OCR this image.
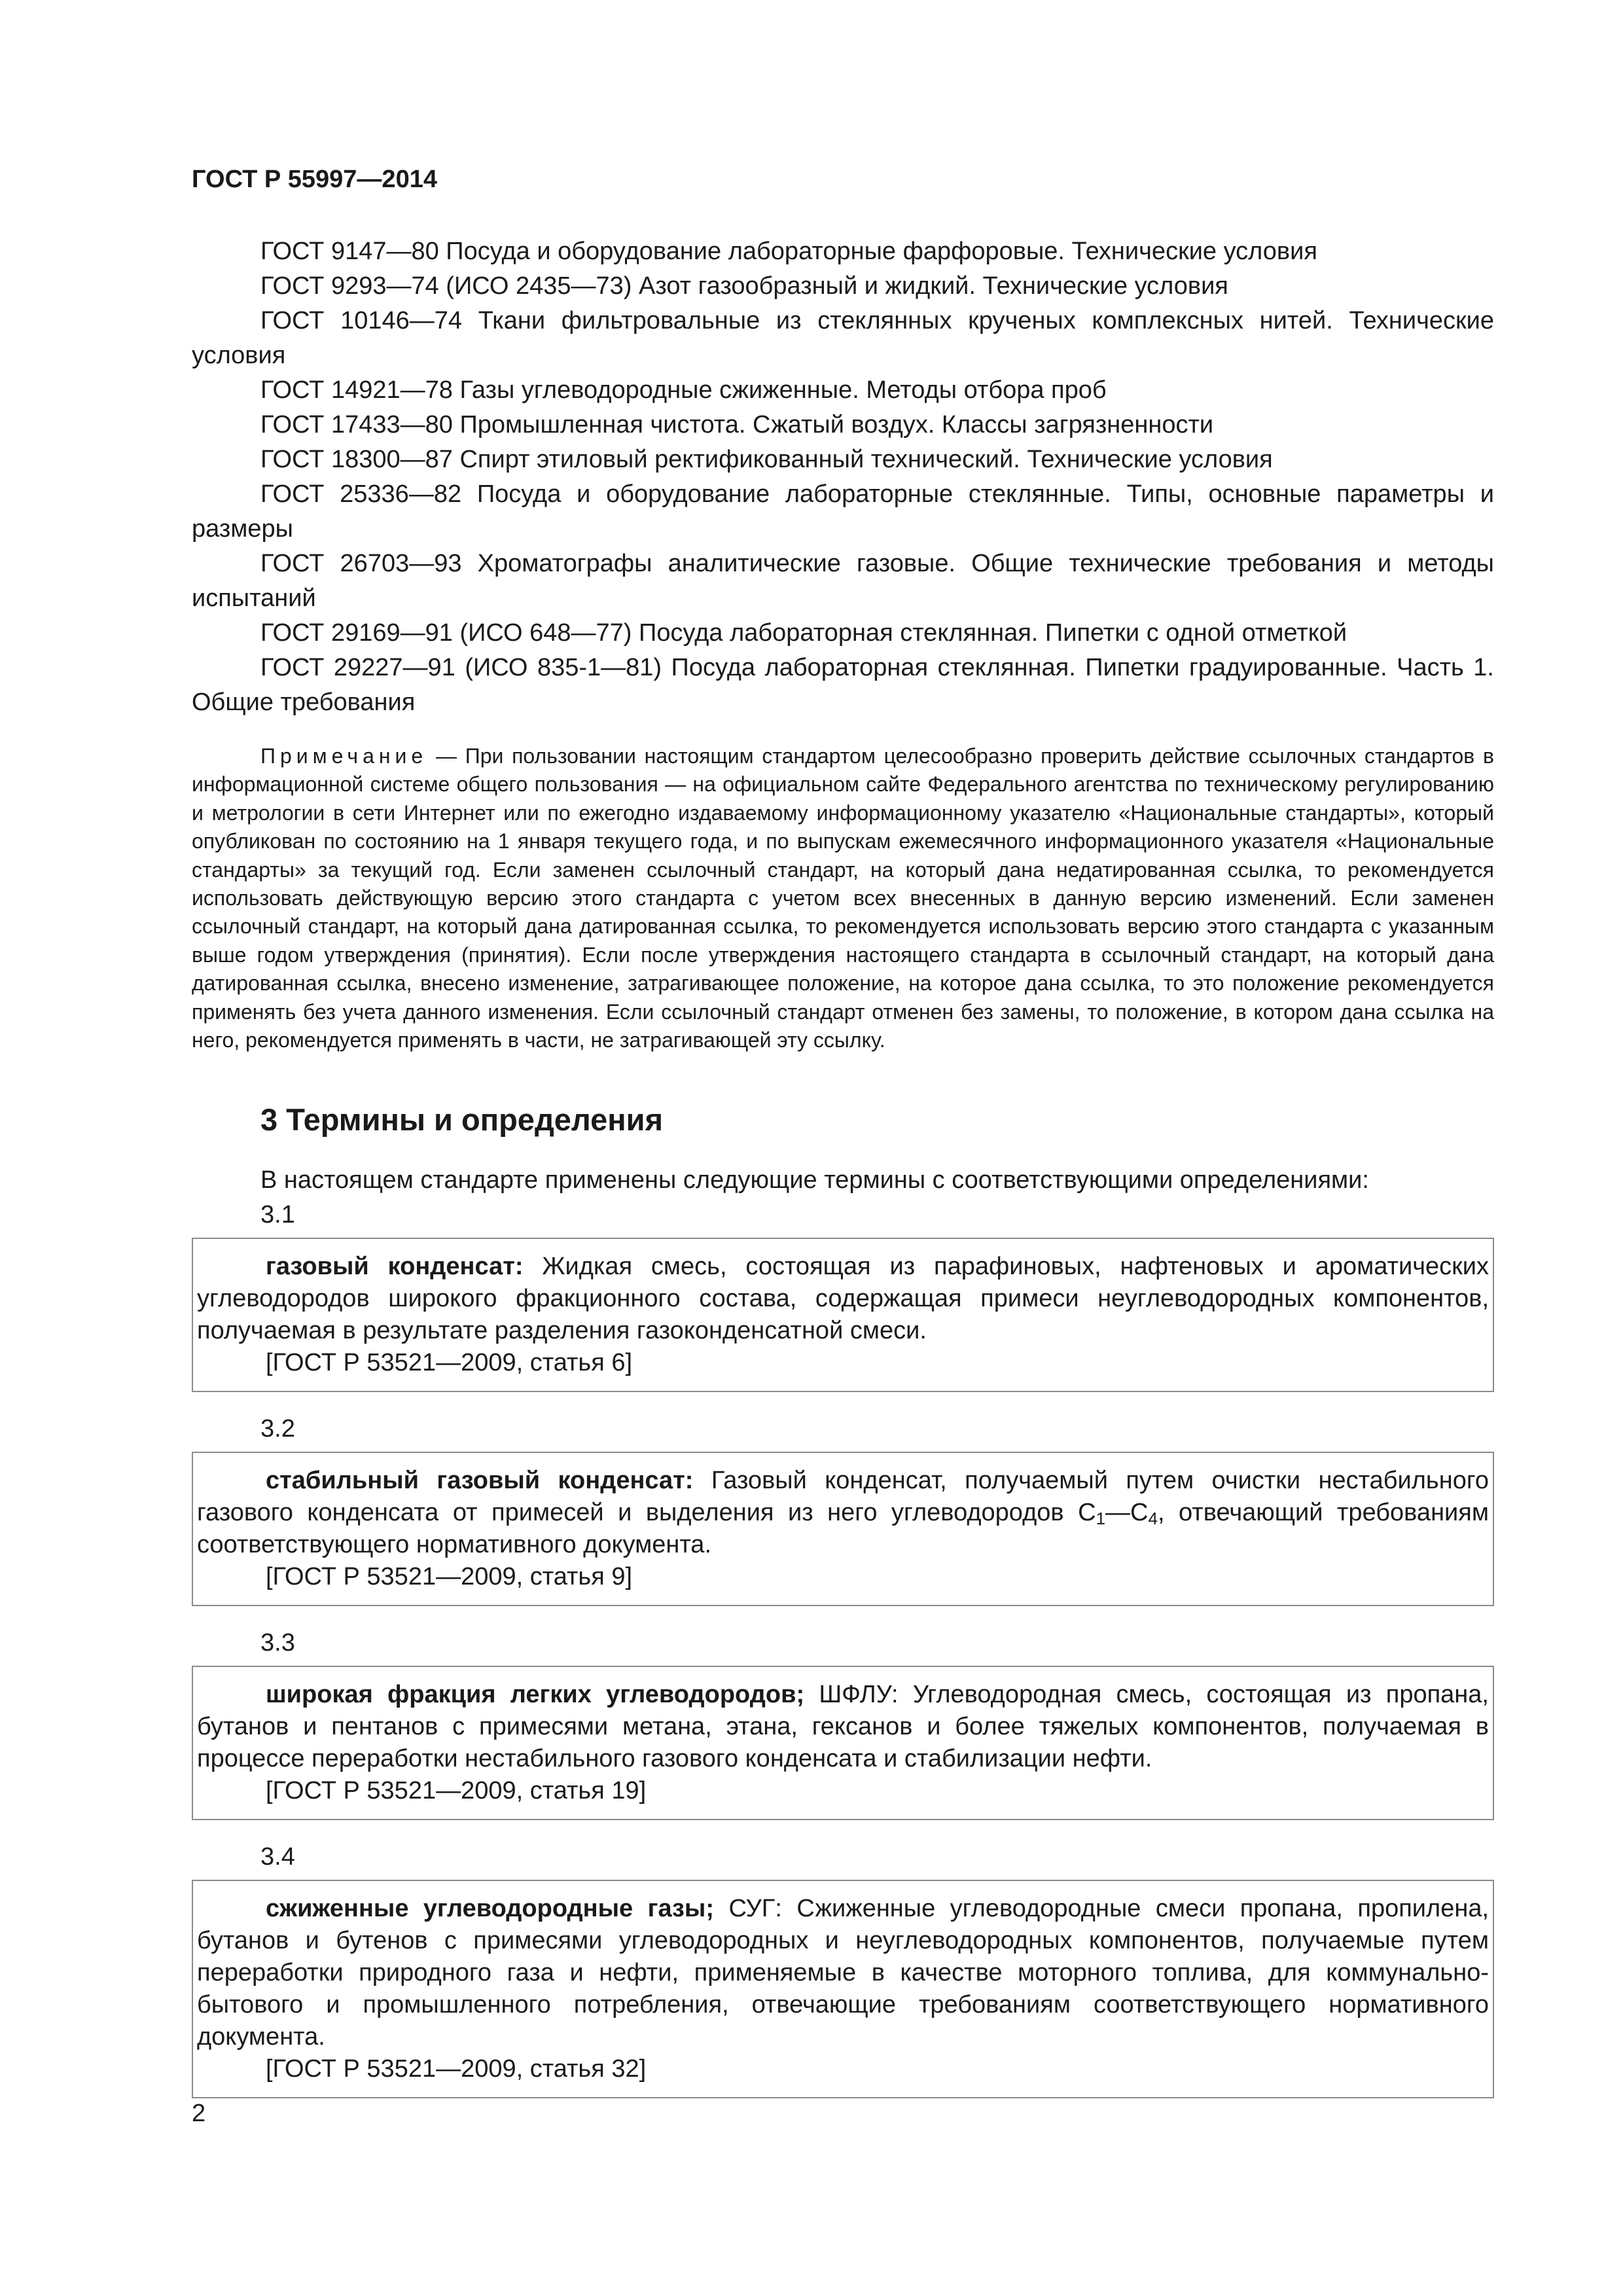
ГОСТ Р 55997—2014

ГОСТ 9147—80 Посуда и оборудование лабораторные фарфоровые. Технические условия

ГОСТ 9293—74 (ИСО 2435—73) Азот газообразный и жидкий. Технические условия

ГОСТ 10146—74 Ткани фильтровальные из стеклянных крученых комплексных нитей. Технические условия

ГОСТ 14921—78 Газы углеводородные сжиженные. Методы отбора проб

ГОСТ 17433—80 Промышленная чистота. Сжатый воздух. Классы загрязненности

ГОСТ 18300—87 Спирт этиловый ректификованный технический. Технические условия

ГОСТ 25336—82 Посуда и оборудование лабораторные стеклянные. Типы, основные параметры и размеры

ГОСТ 26703—93 Хроматографы аналитические газовые. Общие технические требования и методы испытаний

ГОСТ 29169—91 (ИСО 648—77) Посуда лабораторная стеклянная. Пипетки с одной отметкой

ГОСТ 29227—91 (ИСО 835-1—81) Посуда лабораторная стеклянная. Пипетки градуированные. Часть 1. Общие требования

Примечание — При пользовании настоящим стандартом целесообразно проверить действие ссылочных стандартов в информационной системе общего пользования — на официальном сайте Федерального агентства по техническому регулированию и метрологии в сети Интернет или по ежегодно издаваемому информационному указателю «Национальные стандарты», который опубликован по состоянию на 1 января текущего года, и по выпускам ежемесячного информационного указателя «Национальные стандарты» за текущий год. Если заменен ссылочный стандарт, на который дана недатированная ссылка, то рекомендуется использовать действующую версию этого стандарта с учетом всех внесенных в данную версию изменений. Если заменен ссылочный стандарт, на который дана датированная ссылка, то рекомендуется использовать версию этого стандарта с указанным выше годом утверждения (принятия). Если после утверждения настоящего стандарта в ссылочный стандарт, на который дана датированная ссылка, внесено изменение, затрагивающее положение, на которое дана ссылка, то это положение рекомендуется применять без учета данного изменения. Если ссылочный стандарт отменен без замены, то положение, в котором дана ссылка на него, рекомендуется применять в части, не затрагивающей эту ссылку.
3 Термины и определения
В настоящем стандарте применены следующие термины с соответствующими определениями:
3.1

газовый конденсат: Жидкая смесь, состоящая из парафиновых, нафтеновых и ароматических углеводородов широкого фракционного состава, содержащая примеси неуглеводородных компонентов, получаемая в результате разделения газоконденсатной смеси.

[ГОСТ Р 53521—2009, статья 6]

3.2

стабильный газовый конденсат: Газовый конденсат, получаемый путем очистки нестабильного газового конденсата от примесей и выделения из него углеводородов $C_1—C_4$, отвечающий требованиям соответствующего нормативного документа.

[ГОСТ Р 53521—2009, статья 9]

3.3

широкая фракция легких углеводородов; ШФЛУ: Углеводородная смесь, состоящая из пропана, бутанов и пентанов с примесями метана, этана, гексанов и более тяжелых компонентов, получаемая в процессе переработки нестабильного газового конденсата и стабилизации нефти.

[ГОСТ Р 53521—2009, статья 19]

3.4

сжиженные углеводородные газы; СУГ: Сжиженные углеводородные смеси пропана, пропилена, бутанов и бутенов с примесями углеводородных и неуглеводородных компонентов, получаемые путем переработки природного газа и нефти, применяемые в качестве моторного топлива, для коммунально-бытового и промышленного потребления, отвечающие требованиям соответствующего нормативного документа.

[ГОСТ Р 53521—2009, статья 32]

2
